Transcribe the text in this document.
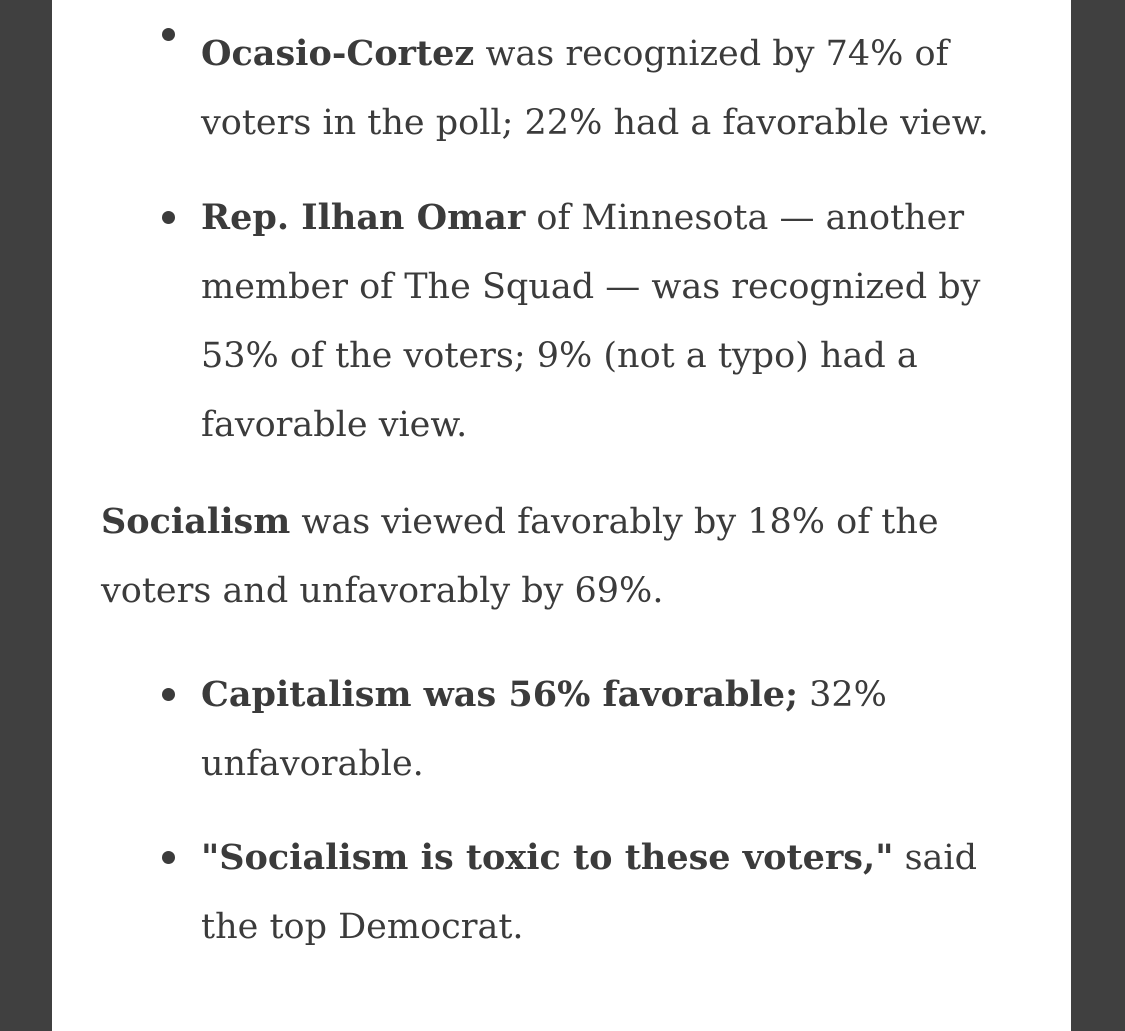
Ocasio-Cortez was recognized by 74% of voters in the poll; 22% had a favorable view.
Rep. Ilhan Omar of Minnesota — another member of The Squad — was recognized by 53% of the voters; 9% (not a typo) had a favorable view.

Socialism was viewed favorably by 18% of the voters and unfavorably by 69%.

Capitalism was 56% favorable; 32% unfavorable.
"Socialism is toxic to these voters," said the top Democrat.
